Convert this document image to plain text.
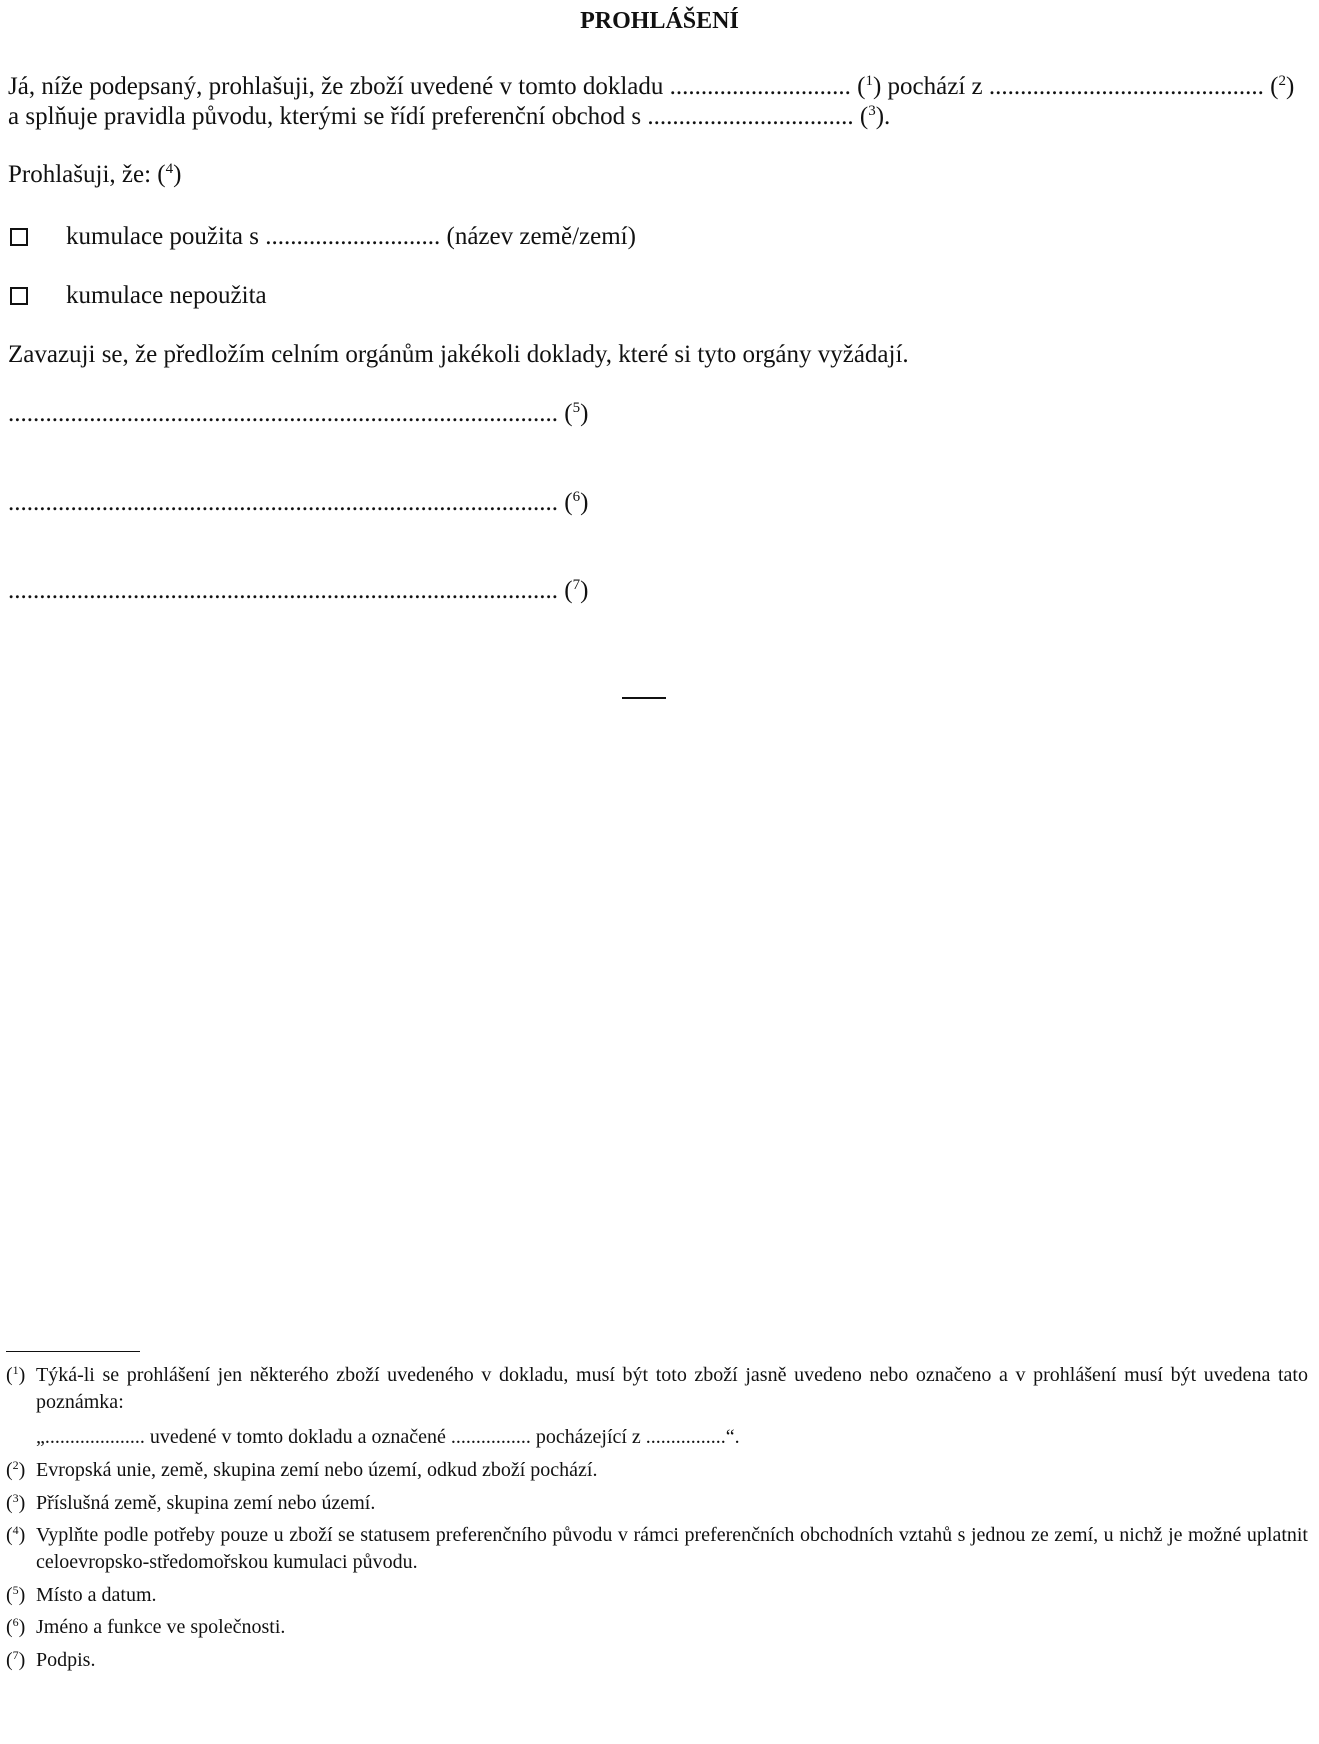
PROHLÁŠENÍ
Já, níže podepsaný, prohlašuji, že zboží uvedené v tomto dokladu ............................. ($^1$) pochází z ............................................ ($^2$)
a splňuje pravidla původu, kterými se řídí preferenční obchod s ................................. ($^3$).
Prohlašuji, že: ($^4$)
kumulace použita s ............................ (název země/zemí)
kumulace nepoužita
Zavazuji se, že předložím celním orgánům jakékoli doklady, které si tyto orgány vyžádají.
........................................................................................ ($^5$)
........................................................................................ ($^6$)
........................................................................................ ($^7$)
($^1$) Týká-li se prohlášení jen některého zboží uvedeného v dokladu, musí být toto zboží jasně uvedeno nebo označeno a v prohlášení musí být uvedena tato poznámka:
„.................... uvedené v tomto dokladu a označené ................ pocházející z ................“.
($^2$) Evropská unie, země, skupina zemí nebo území, odkud zboží pochází.
($^3$) Příslušná země, skupina zemí nebo území.
($^4$) Vyplňte podle potřeby pouze u zboží se statusem preferenčního původu v rámci preferenčních obchodních vztahů s jednou ze zemí, u nichž je možné uplatnit celoevropsko-středomořskou kumulaci původu.
($^5$) Místo a datum.
($^6$) Jméno a funkce ve společnosti.
($^7$) Podpis.
